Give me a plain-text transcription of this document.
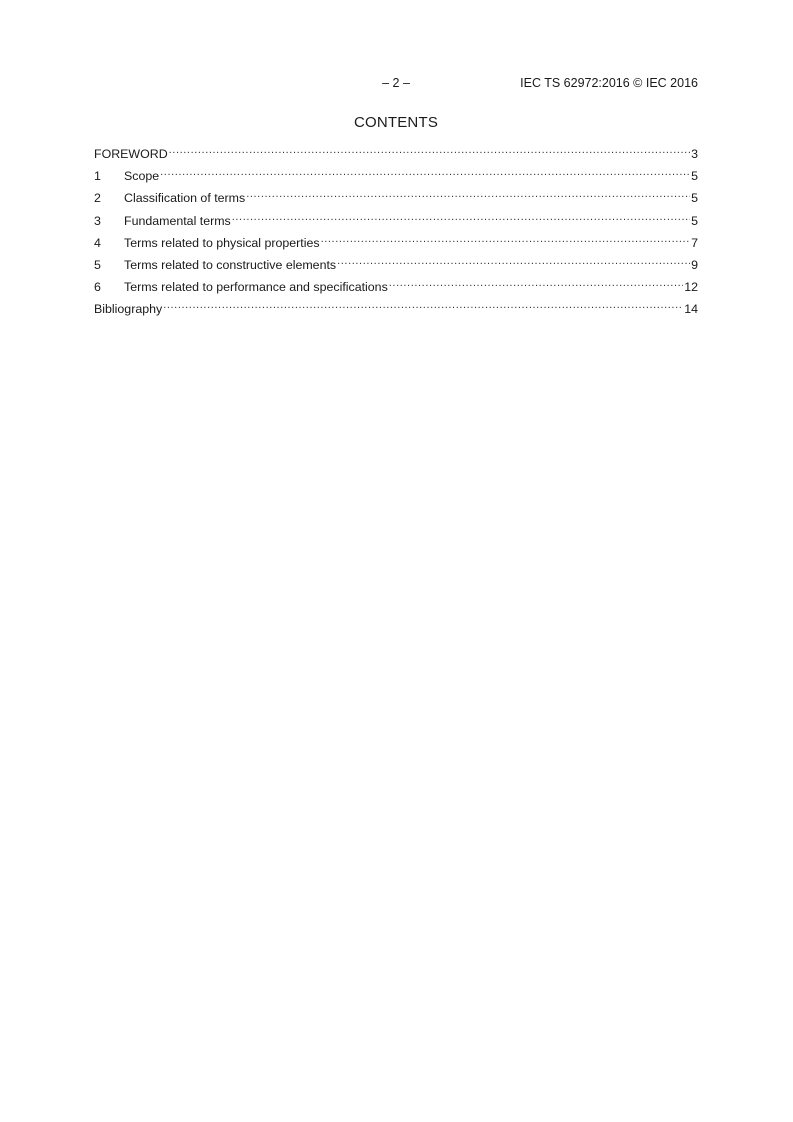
– 2 –	IEC TS 62972:2016 © IEC 2016
CONTENTS
FOREWORD .....	3
1	Scope .....	5
2	Classification of terms .....	5
3	Fundamental terms .....	5
4	Terms related to physical properties .....	7
5	Terms related to constructive elements .....	9
6	Terms related to performance and specifications .....	12
Bibliography .....	14
